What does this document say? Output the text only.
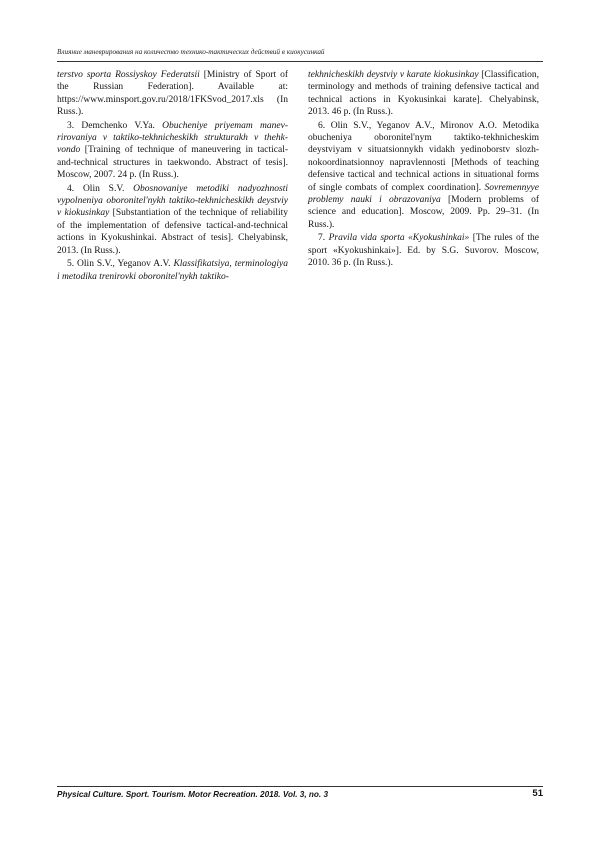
Влияние маневрирования на количество технико-тактических действий в киокусинкай

terstvo sporta Rossiyskoy Federatsii [Ministry of Sport of the Russian Federation]. Available at: https://www.minsport.gov.ru/2018/1FKSvod_2017.xls (In Russ.).

3. Demchenko V.Ya. Obucheniye priyemam manevrirovaniya v taktiko-tekhnicheskikh strukturakh v thehkvondo [Training of technique of maneuvering in tactical-and-technical structures in taekwondo. Abstract of tesis]. Moscow, 2007. 24 p. (In Russ.).

4. Olin S.V. Obosnovaniye metodiki nadyozhnosti vypolneniya oboronitel'nykh taktiko-tekhnicheskikh deystviy v kiokusinkay [Substantiation of the technique of reliability of the implementation of defensive tactical-and-technical actions in Kyokushinkai. Abstract of tesis]. Chelyabinsk, 2013. (In Russ.).

5. Olin S.V., Yeganov A.V. Klassifikatsiya, terminologiya i metodika trenirovki oboronitel'nykh taktiko-

tekhnicheskikh deystviy v karate kiokusinkay [Classification, terminology and methods of training defensive tactical and technical actions in Kyokusinkai karate]. Chelyabinsk, 2013. 46 p. (In Russ.).

6. Olin S.V., Yeganov A.V., Mironov A.O. Metodika obucheniya oboronitel'nym taktiko-tekhnicheskim deystviyam v situatsionnykh vidakh yedinoborstv slozhnokoordinatsionnoy napravlennosti [Methods of teaching defensive tactical and technical actions in situational forms of single combats of complex coordination]. Sovremennyye problemy nauki i obrazovaniya [Modern problems of science and education]. Moscow, 2009. Pp. 29–31. (In Russ.).

7. Pravila vida sporta «Kyokushinkai» [The rules of the sport «Kyokushinkai»]. Ed. by S.G. Suvorov. Moscow, 2010. 36 p. (In Russ.).

Physical Culture. Sport. Tourism. Motor Recreation. 2018. Vol. 3, no. 3	51
